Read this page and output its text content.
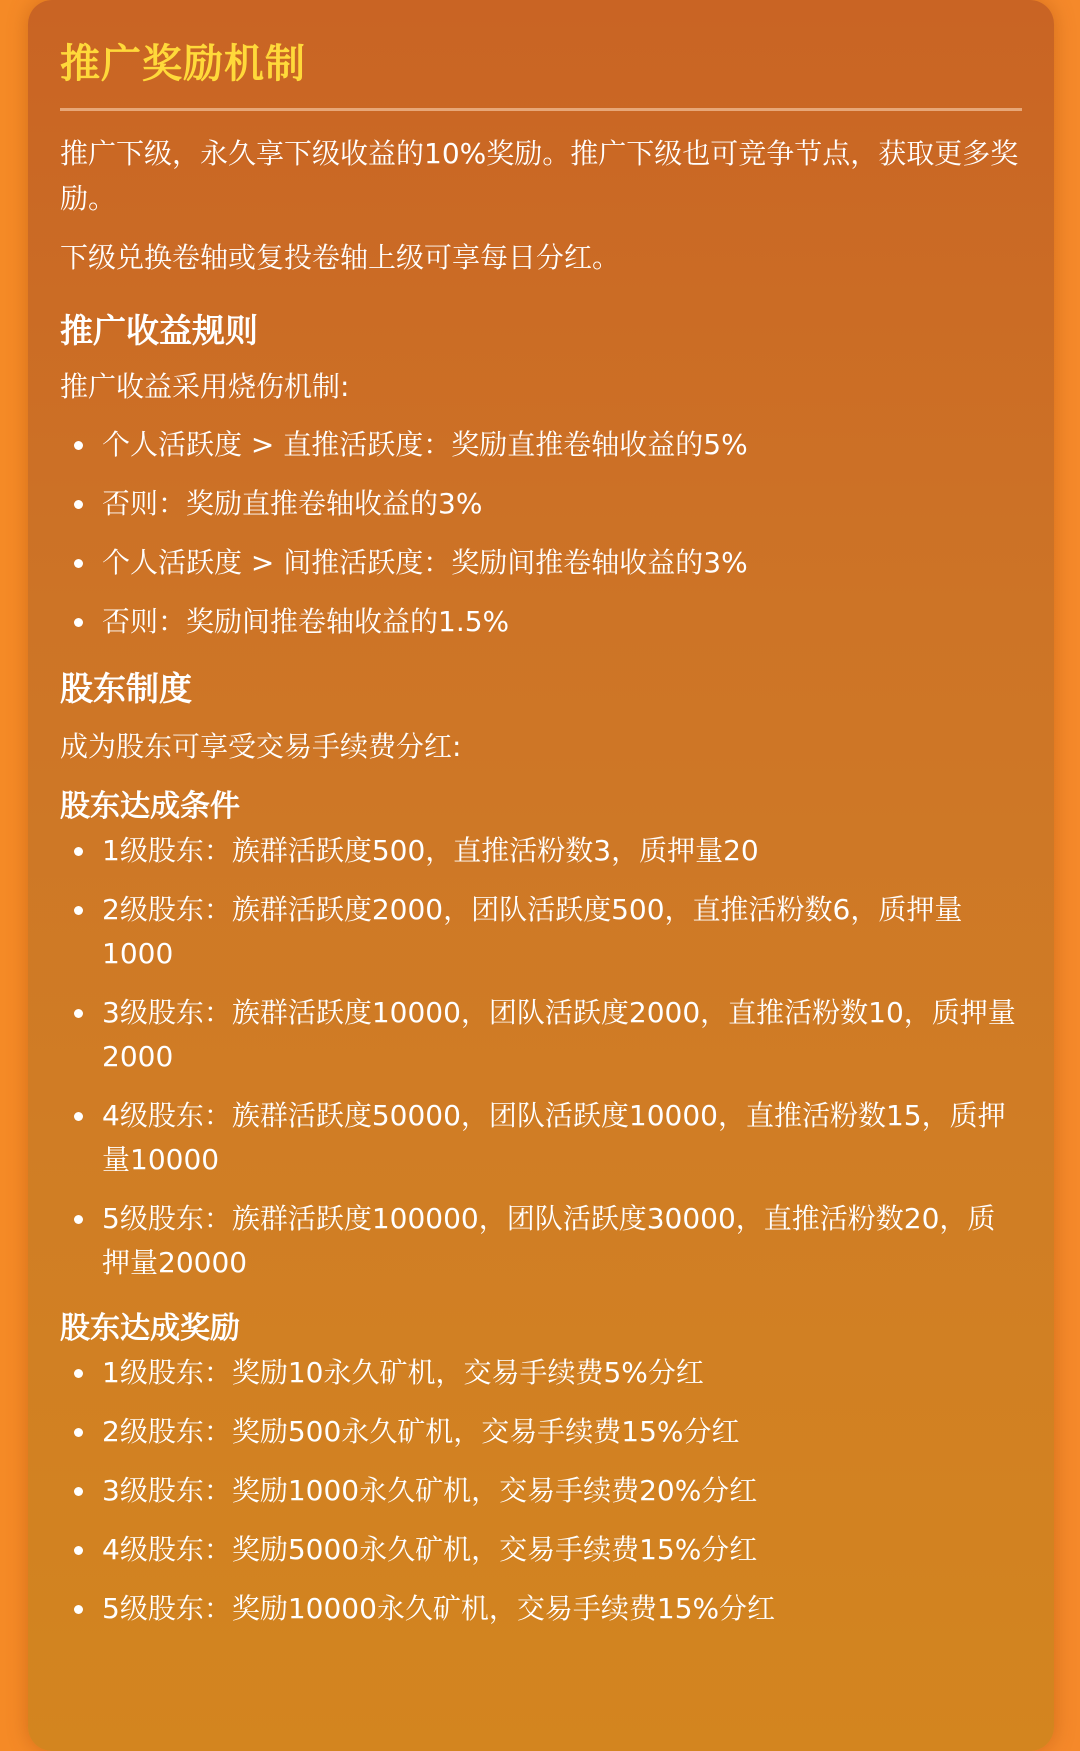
推广奖励机制

推广下级，永久享下级收益的10%奖励。推广下级也可竞争节点，获取更多奖励。

下级兑换卷轴或复投卷轴上级可享每日分红。

推广收益规则

推广收益采用烧伤机制:

个人活跃度 > 直推活跃度：奖励直推卷轴收益的5%
否则：奖励直推卷轴收益的3%
个人活跃度 > 间推活跃度：奖励间推卷轴收益的3%
否则：奖励间推卷轴收益的1.5%
股东制度

成为股东可享受交易手续费分红:

股东达成条件
1级股东：族群活跃度500，直推活粉数3，质押量20
2级股东：族群活跃度2000，团队活跃度500，直推活粉数6，质押量1000
3级股东：族群活跃度10000，团队活跃度2000，直推活粉数10，质押量2000
4级股东：族群活跃度50000，团队活跃度10000，直推活粉数15，质押量10000
5级股东：族群活跃度100000，团队活跃度30000，直推活粉数20，质押量20000
股东达成奖励
1级股东：奖励10永久矿机，交易手续费5%分红
2级股东：奖励500永久矿机，交易手续费15%分红
3级股东：奖励1000永久矿机，交易手续费20%分红
4级股东：奖励5000永久矿机，交易手续费15%分红
5级股东：奖励10000永久矿机，交易手续费15%分红
